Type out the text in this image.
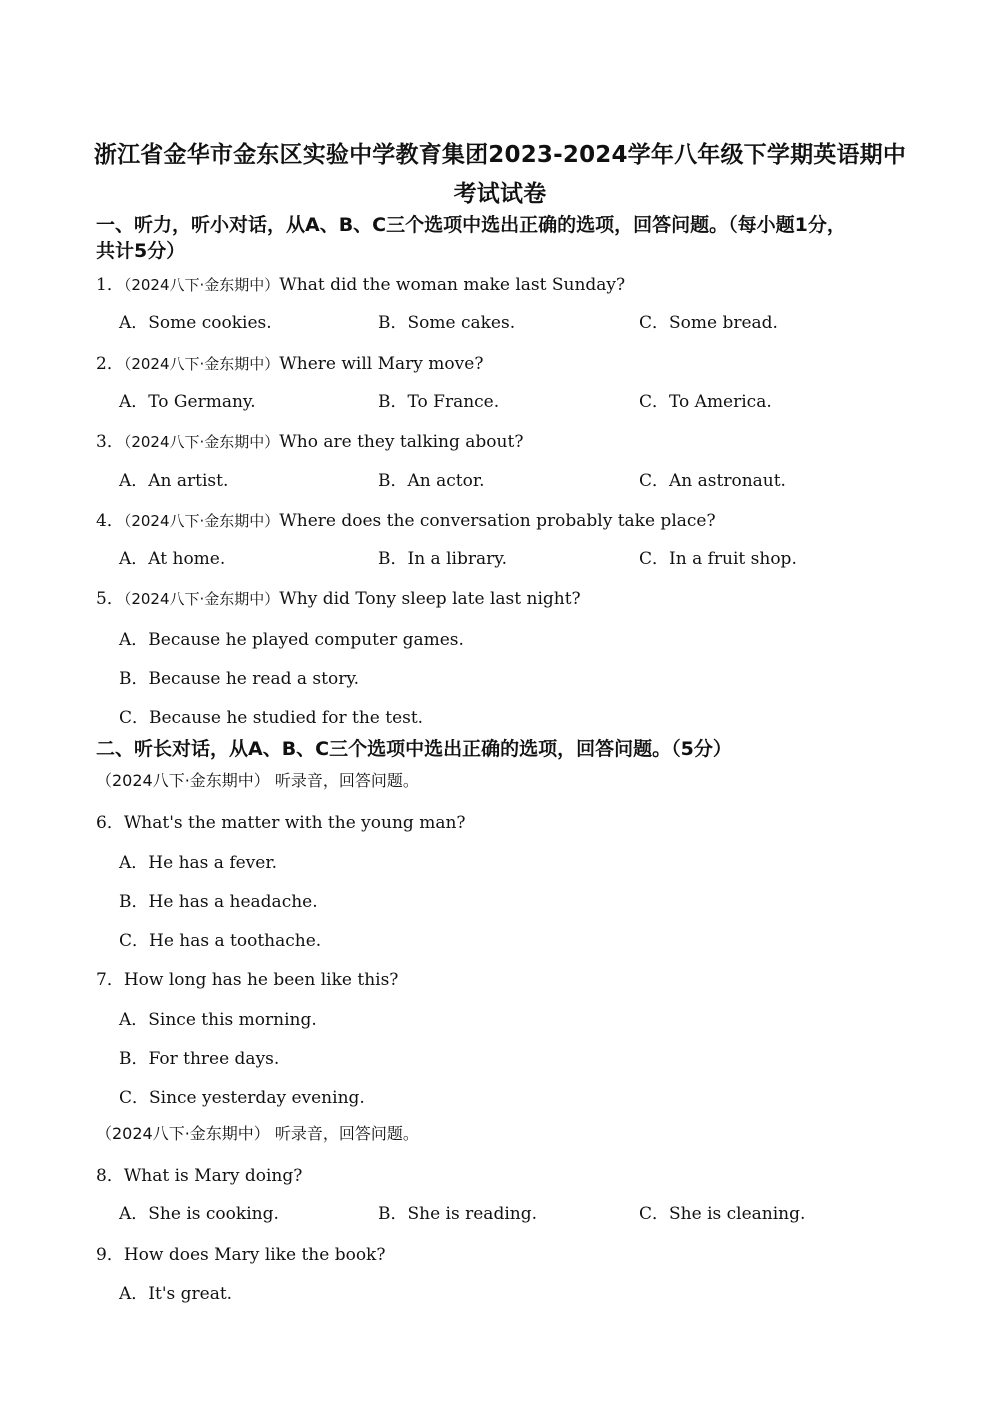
浙江省金华市金东区实验中学教育集团2023-2024学年八年级下学期英语期中
考试试卷
一、听力，听小对话，从A、B、C三个选项中选出正确的选项，回答问题。（每小题1分，
共计5分）
1．（2024八下·金东期中）What did the woman make last Sunday?
A．Some cookies.	B．Some cakes.	C．Some bread.
2．（2024八下·金东期中）Where will Mary move?
A．To Germany.	B．To France.	C．To America.
3．（2024八下·金东期中）Who are they talking about?
A．An artist.	B．An actor.	C．An astronaut.
4．（2024八下·金东期中）Where does the conversation probably take place?
A．At home.	B．In a library.	C．In a fruit shop.
5．（2024八下·金东期中）Why did Tony sleep late last night?
A．Because he played computer games.
B．Because he read a story.
C．Because he studied for the test.
二、听长对话，从A、B、C三个选项中选出正确的选项，回答问题。（5分）
（2024八下·金东期中） 听录音，回答问题。
6．What's the matter with the young man?
A．He has a fever.
B．He has a headache.
C．He has a toothache.
7．How long has he been like this?
A．Since this morning.
B．For three days.
C．Since yesterday evening.
（2024八下·金东期中） 听录音，回答问题。
8．What is Mary doing?
A．She is cooking.	B．She is reading.	C．She is cleaning.
9．How does Mary like the book?
A．It's great.
